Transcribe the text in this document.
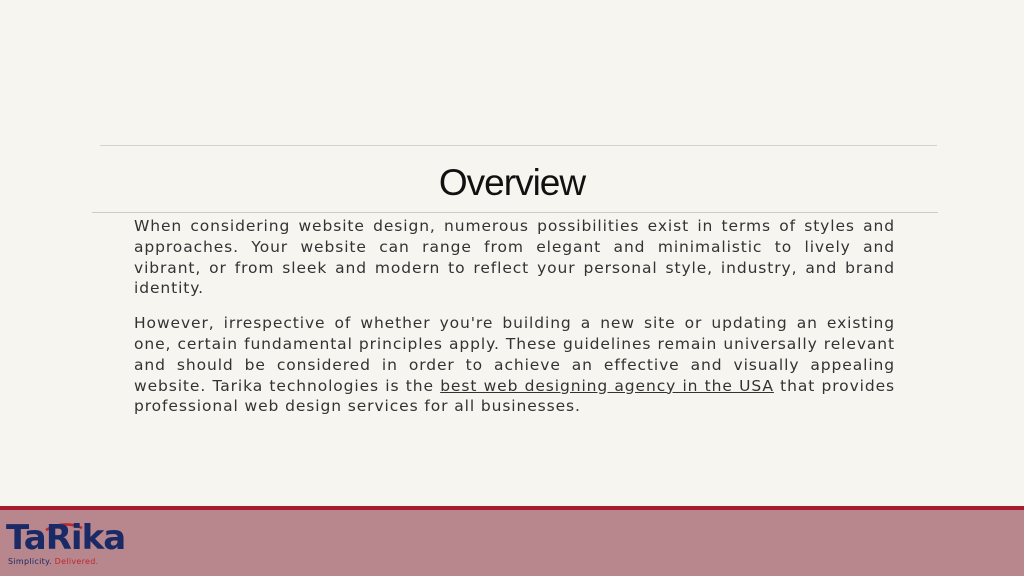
Overview

When considering website design, numerous possibilities exist in terms of styles and approaches. Your website can range from elegant and minimalistic to lively and vibrant, or from sleek and modern to reflect your personal style, industry, and brand identity.

However, irrespective of whether you're building a new site or updating an existing one, certain fundamental principles apply. These guidelines remain universally relevant and should be considered in order to achieve an effective and visually appealing website. Tarika technologies is the best web designing agency in the USA that provides professional web design services for all businesses.

TaRika
Simplicity. Delivered.
